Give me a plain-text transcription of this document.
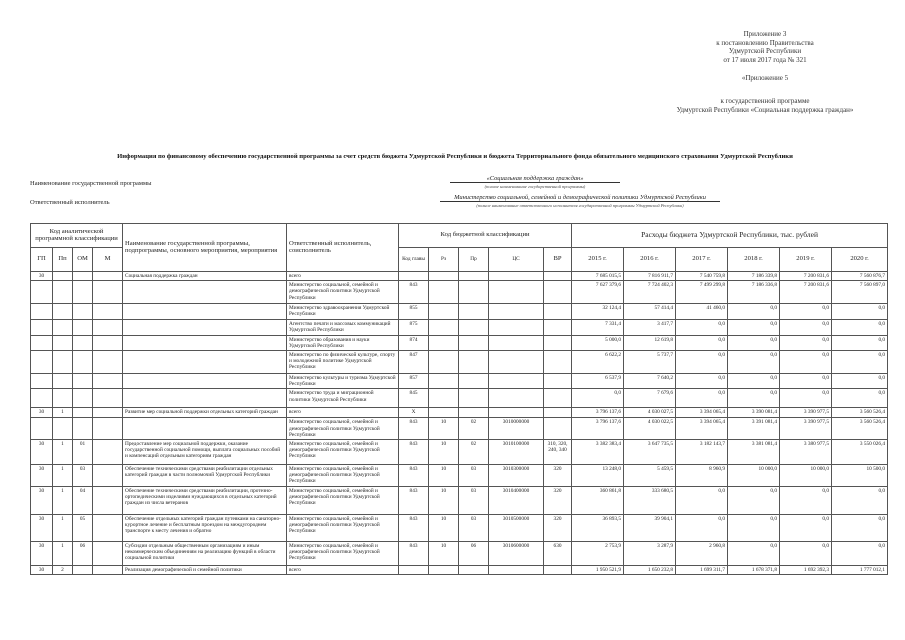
Приложение 3
к постановлению Правительства
Удмуртской Республики
от 17 июля 2017 года № 321
«Приложение 5
к государственной программе
Удмуртской Республики «Социальная поддержка граждан»
Информация по финансовому обеспечению государственной программы за счет средств бюджета Удмуртской Республики и бюджета Территориального фонда обязательного медицинского страхования Удмуртской Республики
Наименование государственной программы
«Социальная поддержка граждан»
(полное наименование государственной программы)
Ответственный исполнитель
Министерство социальной, семейной и демографической политики Удмуртской Республики
(полное наименование ответственного исполнителя государственной программы Удмуртской Республики)
Код аналитической программной классификации				Наименование государственной программы, подпрограммы, основного мероприятия, мероприятия	Ответственный исполнитель, соисполнитель	Код бюджетной классификации					Расходы бюджета Удмуртской Республики, тыс. рублей					
ГП	Пп	ОМ	М			Код главы	Рз	Пр	ЦС	ВР	2015 г.	2016 г.	2017 г.	2018 г.	2019 г.	2020 г.
30				Социальная поддержка граждан	всего						7 685 015,5	7 816 911,7	7 540 759,8	7 186 339,8	7 200 831,6	7 560 876,7
					Министерство социальной, семейной и демографической политики Удмуртской Республики	843					7 627 379,6	7 724 402,3	7 499 299,8	7 186 336,8	7 200 831,6	7 560 897,0
					Министерство здравоохранения Удмуртской Республики	855					32 124,4	57 414,4	41 460,0	0,0	0,0	0,0
					Агентство печати и массовых коммуникаций Удмуртской Республики	875					7 331,4	3 417,7	0,0	0,0	0,0	0,0
					Министерство образования и науки Удмуртской Республики	874					5 000,0	12 619,8	0,0	0,0	0,0	0,0
					Министерство по физической культуре, спорту и молодежной политике Удмуртской Республики	847					6 622,2	5 737,7	0,0	0,0	0,0	0,0
					Министерство культуры и туризма Удмуртской Республики	857					6 537,9	7 640,2	0,0	0,0	0,0	0,0
					Министерство труда и миграционной политики Удмуртской Республики	845					0,0	7 679,6	0,0	0,0	0,0	0,0
30	1			Развитие мер социальной поддержки отдельных категорий граждан	всего	Х					3 796 137,6	4 030 027,5	3 394 065,4	3 390 081,4	3 390 977,5	3 560 526,4
					Министерство социальной, семейной и демографической политики Удмуртской Республики	843	10	02	3010000000		3 796 137,6	4 030 022,5	3 394 065,4	3 391 081,4	3 390 977,5	3 560 526,4
30	1	01		Предоставление мер социальной поддержки, оказание государственной социальной помощи, выплата социальных пособий и компенсаций отдельным категориям граждан	Министерство социальной, семейной и демографической политики Удмуртской Республики	843	10	02	3010100000	310, 320, 240, 340	3 382 383,4	3 647 735,5	3 182 143,7	3 381 081,4	3 380 977,5	3 550 026,4
30	1	03		Обеспечение техническими средствами реабилитации отдельных категорий граждан в части полномочий Удмуртской Республики	Министерство социальной, семейной и демографической политики Удмуртской Республики	843	10	03	3010300000	320	13 248,0	5 459,5	8 960,9	10 000,0	10 000,0	10 500,0
30	1	04		Обеспечение техническими средствами реабилитации, протезно-ортопедическими изделиями нуждающихся в отдельных категорий граждан из числа ветеранов	Министерство социальной, семейной и демографической политики Удмуртской Республики	843	10	03	3010400000	320	360 861,8	333 680,5	0,0	0,0	0,0	0,0
30	1	05		Обеспечение отдельных категорий граждан путевками на санаторно-курортное лечение и бесплатным проездом на междугороднем транспорте к месту лечения и обратно	Министерство социальной, семейной и демографической политики Удмуртской Республики	843	10	03	3010500000	320	36 893,5	39 904,1	0,0	0,0	0,0	0,0
30	1	06		Субсидии отдельным общественным организациям и иным некоммерческим объединениям на реализацию функций в области социальной политики	Министерство социальной, семейной и демографической политики Удмуртской Республики	843	10	06	3010600000	630	2 753,9	3 287,9	2 960,8	0,0	0,0	0,0
30	2			Реализация демографической и семейной политики	всего						1 950 521,9	1 650 232,8	1 699 311,7	1 678 371,8	1 692 392,3	1 777 012,1
